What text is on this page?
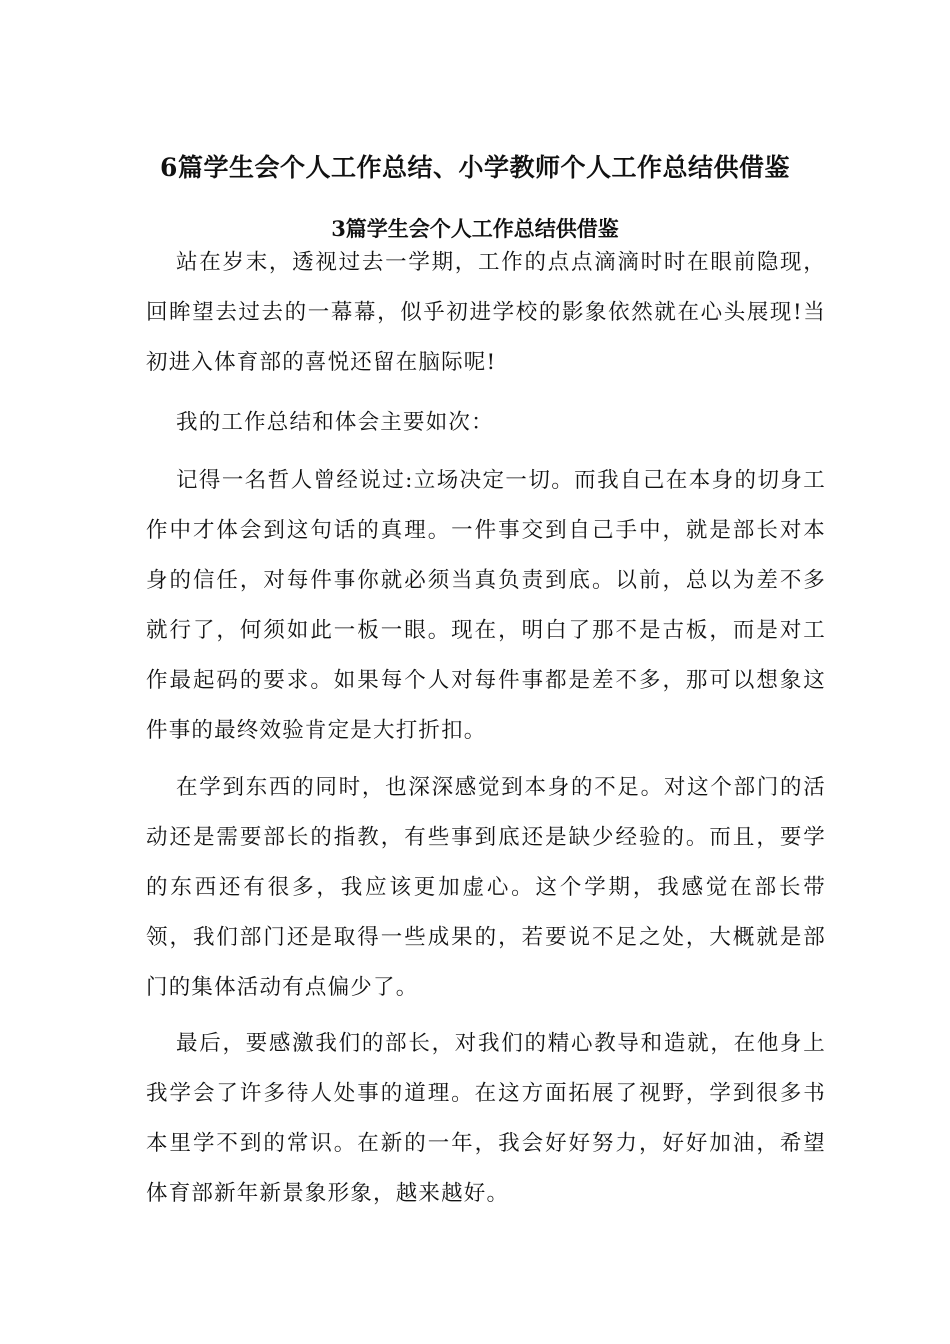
6篇学生会个人工作总结、小学教师个人工作总结供借鉴
3篇学生会个人工作总结供借鉴

站在岁末，透视过去一学期，工作的点点滴滴时时在眼前隐现，回眸望去过去的一幕幕，似乎初进学校的影象依然就在心头展现!当初进入体育部的喜悦还留在脑际呢!

我的工作总结和体会主要如次：

记得一名哲人曾经说过:立场决定一切。而我自己在本身的切身工作中才体会到这句话的真理。一件事交到自己手中，就是部长对本身的信任，对每件事你就必须当真负责到底。以前，总以为差不多就行了，何须如此一板一眼。现在，明白了那不是古板，而是对工作最起码的要求。如果每个人对每件事都是差不多，那可以想象这件事的最终效验肯定是大打折扣。

在学到东西的同时，也深深感觉到本身的不足。对这个部门的活动还是需要部长的指教，有些事到底还是缺少经验的。而且，要学的东西还有很多，我应该更加虚心。这个学期，我感觉在部长带领，我们部门还是取得一些成果的，若要说不足之处，大概就是部门的集体活动有点偏少了。

最后，要感激我们的部长，对我们的精心教导和造就，在他身上我学会了许多待人处事的道理。在这方面拓展了视野，学到很多书本里学不到的常识。在新的一年，我会好好努力，好好加油，希望体育部新年新景象形象，越来越好。
